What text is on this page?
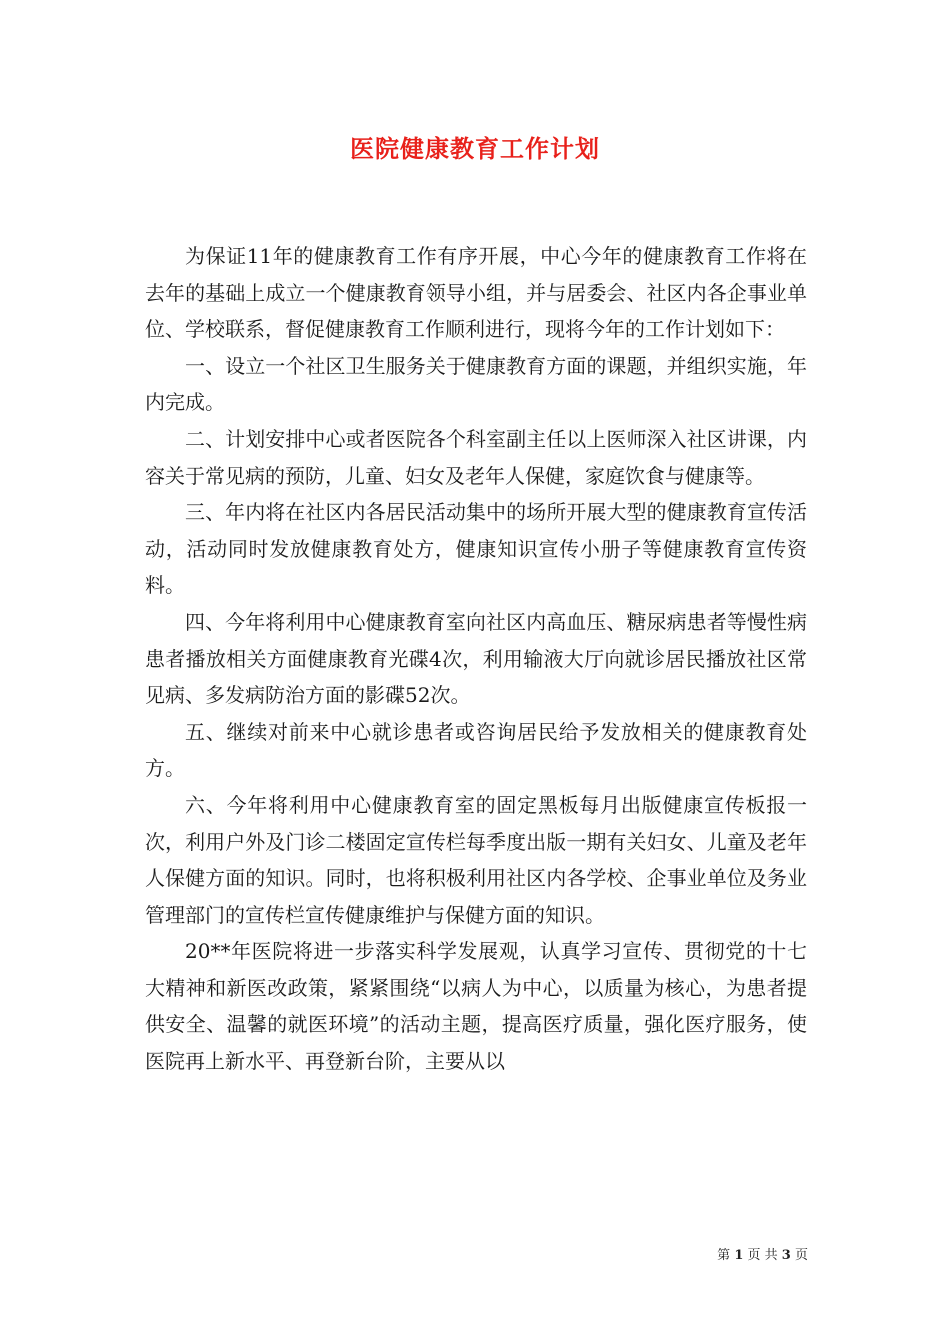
医院健康教育工作计划

为保证11年的健康教育工作有序开展，中心今年的健康教育工作将在去年的基础上成立一个健康教育领导小组，并与居委会、社区内各企事业单位、学校联系，督促健康教育工作顺利进行，现将今年的工作计划如下：

一、设立一个社区卫生服务关于健康教育方面的课题，并组织实施，年内完成。

二、计划安排中心或者医院各个科室副主任以上医师深入社区讲课，内容关于常见病的预防，儿童、妇女及老年人保健，家庭饮食与健康等。

三、年内将在社区内各居民活动集中的场所开展大型的健康教育宣传活动，活动同时发放健康教育处方，健康知识宣传小册子等健康教育宣传资料。

四、今年将利用中心健康教育室向社区内高血压、糖尿病患者等慢性病患者播放相关方面健康教育光碟4次，利用输液大厅向就诊居民播放社区常见病、多发病防治方面的影碟52次。

五、继续对前来中心就诊患者或咨询居民给予发放相关的健康教育处方。

六、今年将利用中心健康教育室的固定黑板每月出版健康宣传板报一次，利用户外及门诊二楼固定宣传栏每季度出版一期有关妇女、儿童及老年人保健方面的知识。同时，也将积极利用社区内各学校、企事业单位及务业管理部门的宣传栏宣传健康维护与保健方面的知识。

20**年医院将进一步落实科学发展观，认真学习宣传、贯彻党的十七大精神和新医改政策，紧紧围绕“以病人为中心，以质量为核心，为患者提供安全、温馨的就医环境”的活动主题，提高医疗质量，强化医疗服务，使医院再上新水平、再登新台阶，主要从以

第 1 页 共 3 页
